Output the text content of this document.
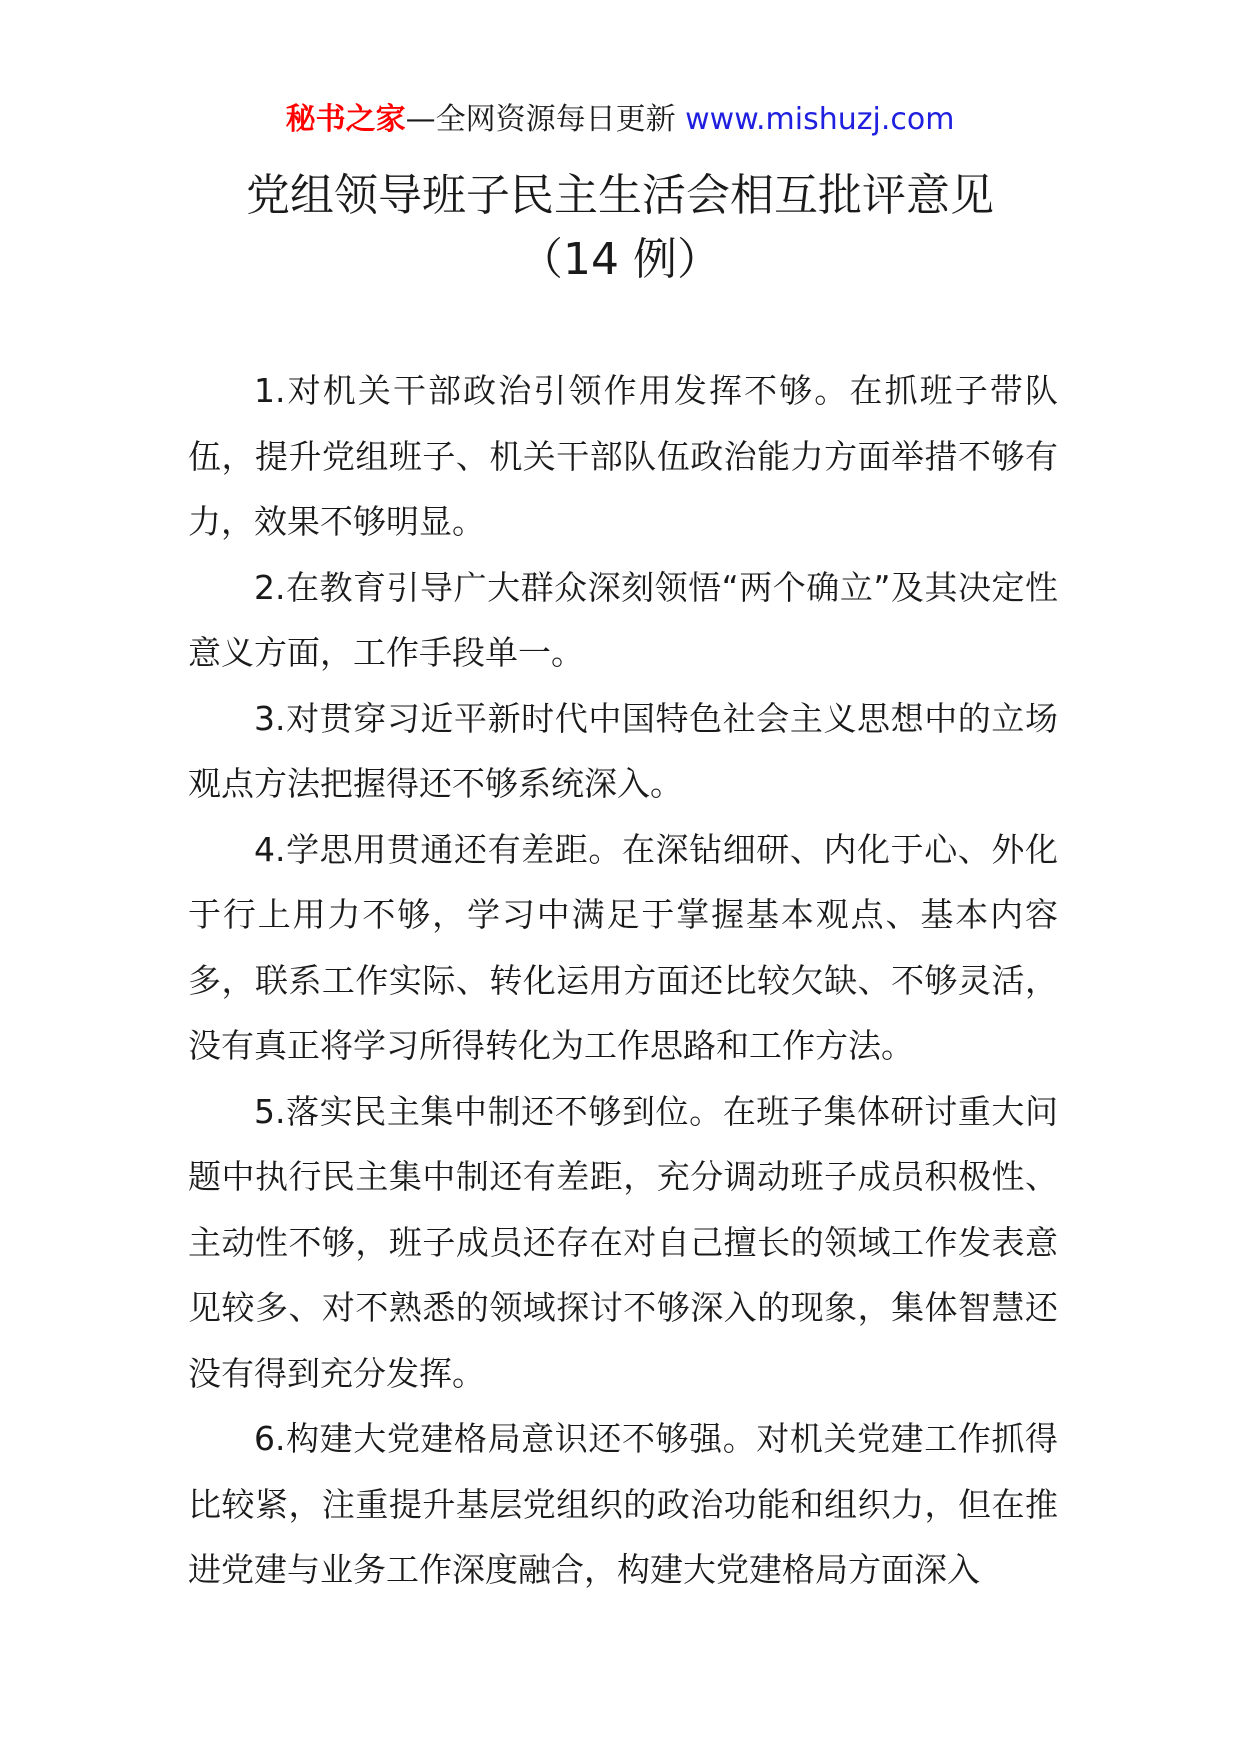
秘书之家—全网资源每日更新 www.mishuzj.com
党组领导班子民主生活会相互批评意见
（14 例）

1.对机关干部政治引领作用发挥不够。在抓班子带队伍，提升党组班子、机关干部队伍政治能力方面举措不够有力，效果不够明显。

2.在教育引导广大群众深刻领悟“两个确立”及其决定性意义方面，工作手段单一。

3.对贯穿习近平新时代中国特色社会主义思想中的立场观点方法把握得还不够系统深入。

4.学思用贯通还有差距。在深钻细研、内化于心、外化于行上用力不够，学习中满足于掌握基本观点、基本内容多，联系工作实际、转化运用方面还比较欠缺、不够灵活，没有真正将学习所得转化为工作思路和工作方法。

5.落实民主集中制还不够到位。在班子集体研讨重大问题中执行民主集中制还有差距，充分调动班子成员积极性、主动性不够，班子成员还存在对自己擅长的领域工作发表意见较多、对不熟悉的领域探讨不够深入的现象，集体智慧还没有得到充分发挥。

6.构建大党建格局意识还不够强。对机关党建工作抓得比较紧，注重提升基层党组织的政治功能和组织力，但在推进党建与业务工作深度融合，构建大党建格局方面深入
